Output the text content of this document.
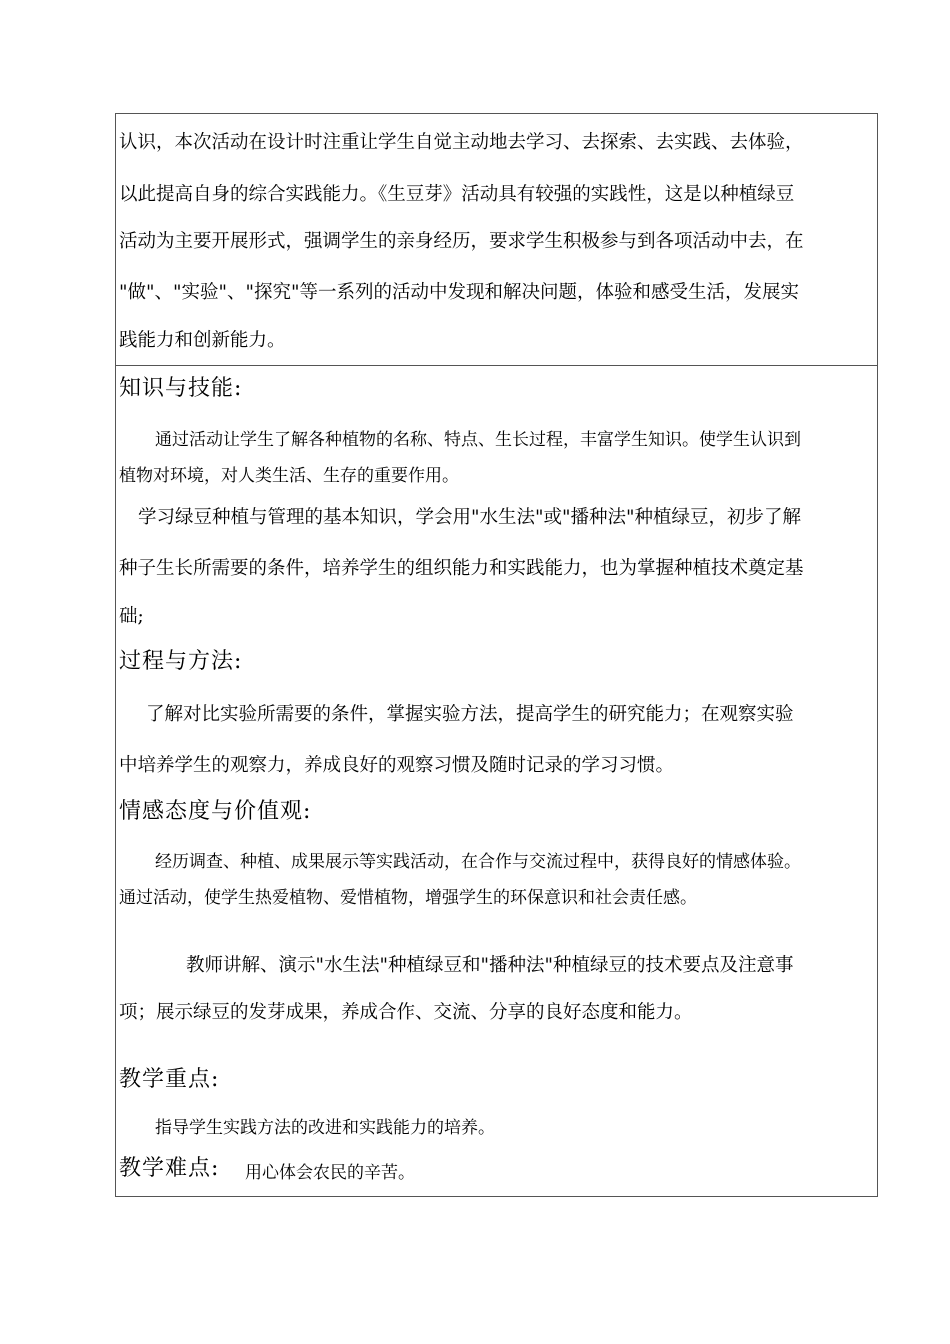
认识，本次活动在设计时注重让学生自觉主动地去学习、去探索、去实践、去体验，
以此提高自身的综合实践能力。《生豆芽》活动具有较强的实践性，这是以种植绿豆
活动为主要开展形式，强调学生的亲身经历，要求学生积极参与到各项活动中去，在
"做"、"实验"、"探究"等一系列的活动中发现和解决问题，体验和感受生活，发展实
践能力和创新能力。
知识与技能:
通过活动让学生了解各种植物的名称、特点、生长过程，丰富学生知识。使学生认识到
植物对环境，对人类生活、生存的重要作用。
学习绿豆种植与管理的基本知识，学会用"水生法"或"播种法"种植绿豆，初步了解
种子生长所需要的条件，培养学生的组织能力和实践能力，也为掌握种植技术奠定基
础;
过程与方法:
了解对比实验所需要的条件，掌握实验方法，提高学生的研究能力；在观察实验
中培养学生的观察力，养成良好的观察习惯及随时记录的学习习惯。
情感态度与价值观:
经历调查、种植、成果展示等实践活动，在合作与交流过程中，获得良好的情感体验。
通过活动，使学生热爱植物、爱惜植物，增强学生的环保意识和社会责任感。
教师讲解、演示"水生法"种植绿豆和"播种法"种植绿豆的技术要点及注意事
项；展示绿豆的发芽成果，养成合作、交流、分享的良好态度和能力。
教学重点:
指导学生实践方法的改进和实践能力的培养。
教学难点: 用心体会农民的辛苦。
